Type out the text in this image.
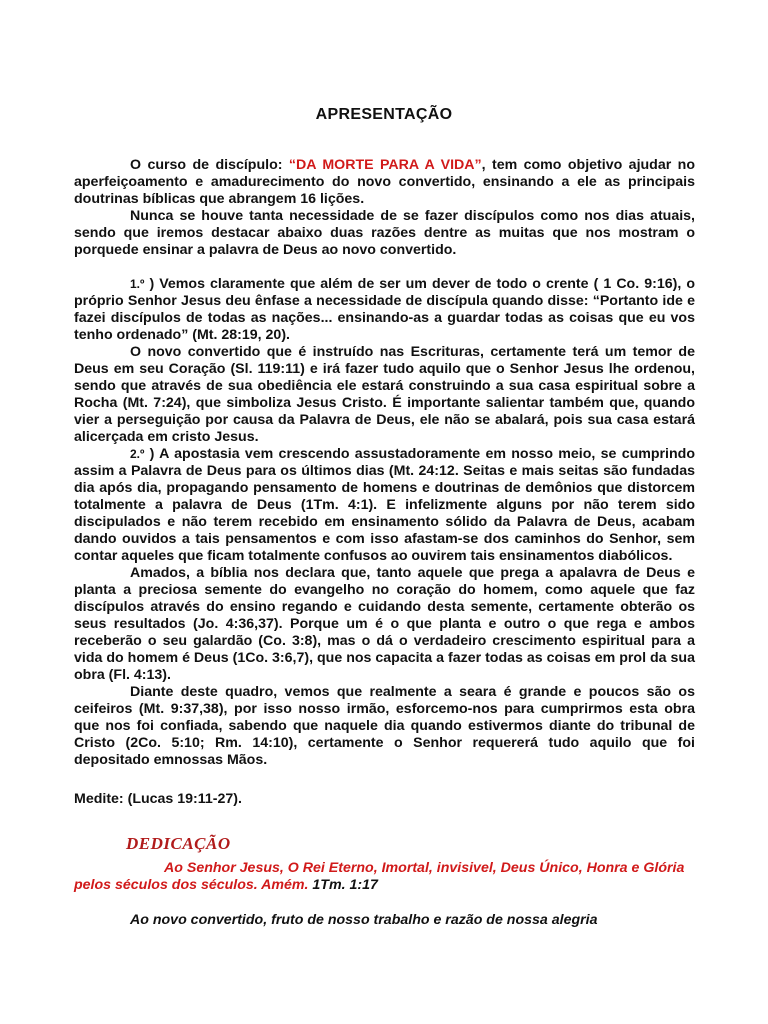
APRESENTAÇÃO

O curso de discípulo: “DA MORTE PARA A VIDA”, tem como objetivo ajudar no aperfeiçoamento e amadurecimento do novo convertido, ensinando a ele as principais doutrinas bíblicas que abrangem 16 lições.

Nunca se houve tanta necessidade de se fazer discípulos como nos dias atuais, sendo que iremos destacar abaixo duas razões dentre as muitas que nos mostram o porquede ensinar a palavra de Deus ao novo convertido.

1.º ) Vemos claramente que além de ser um dever de todo o crente ( 1 Co. 9:16), o próprio Senhor Jesus deu ênfase a necessidade de discípula quando disse: “Portanto ide e fazei discípulos de todas as nações... ensinando-as a guardar todas as coisas que eu vos tenho ordenado” (Mt. 28:19, 20).

O novo convertido que é instruído nas Escrituras, certamente terá um temor de Deus em seu Coração (Sl. 119:11) e irá fazer tudo aquilo que o Senhor Jesus lhe ordenou, sendo que através de sua obediência ele estará construindo a sua casa espiritual sobre a Rocha (Mt. 7:24), que simboliza Jesus Cristo. É importante salientar também que, quando vier a perseguição por causa da Palavra de Deus, ele não se abalará, pois sua casa estará alicerçada em cristo Jesus.

2.º ) A apostasia vem crescendo assustadoramente em nosso meio, se cumprindo assim a Palavra de Deus para os últimos dias (Mt. 24:12. Seitas e mais seitas são fundadas dia após dia, propagando pensamento de homens e doutrinas de demônios que distorcem totalmente a palavra de Deus (1Tm. 4:1). E infelizmente alguns por não terem sido discipulados e não terem recebido em ensinamento sólido da Palavra de Deus, acabam dando ouvidos a tais pensamentos e com isso afastam-se dos caminhos do Senhor, sem contar aqueles que ficam totalmente confusos ao ouvirem tais ensinamentos diabólicos.

Amados, a bíblia nos declara que, tanto aquele que prega a apalavra de Deus e planta a preciosa semente do evangelho no coração do homem, como aquele que faz discípulos através do ensino regando e cuidando desta semente, certamente obterão os seus resultados (Jo. 4:36,37). Porque um é o que planta e outro o que rega e ambos receberão o seu galardão (Co. 3:8), mas o dá o verdadeiro crescimento espiritual para a vida do homem é Deus (1Co. 3:6,7), que nos capacita a fazer todas as coisas em prol da sua obra (Fl. 4:13).

Diante deste quadro, vemos que realmente a seara é grande e poucos são os ceifeiros (Mt. 9:37,38), por isso nosso irmão, esforcemo-nos para cumprirmos esta obra que nos foi confiada, sabendo que naquele dia quando estivermos diante do tribunal de Cristo (2Co. 5:10; Rm. 14:10), certamente o Senhor requererá tudo aquilo que foi depositado emnossas Mãos.

Medite: (Lucas 19:11-27).
DEDICAÇÃO
Ao Senhor Jesus, O Rei Eterno, Imortal, invisivel, Deus Único, Honra e Glória pelos séculos dos séculos. Amém. 1Tm. 1:17
Ao novo convertido, fruto de nosso trabalho e razão de nossa alegria
